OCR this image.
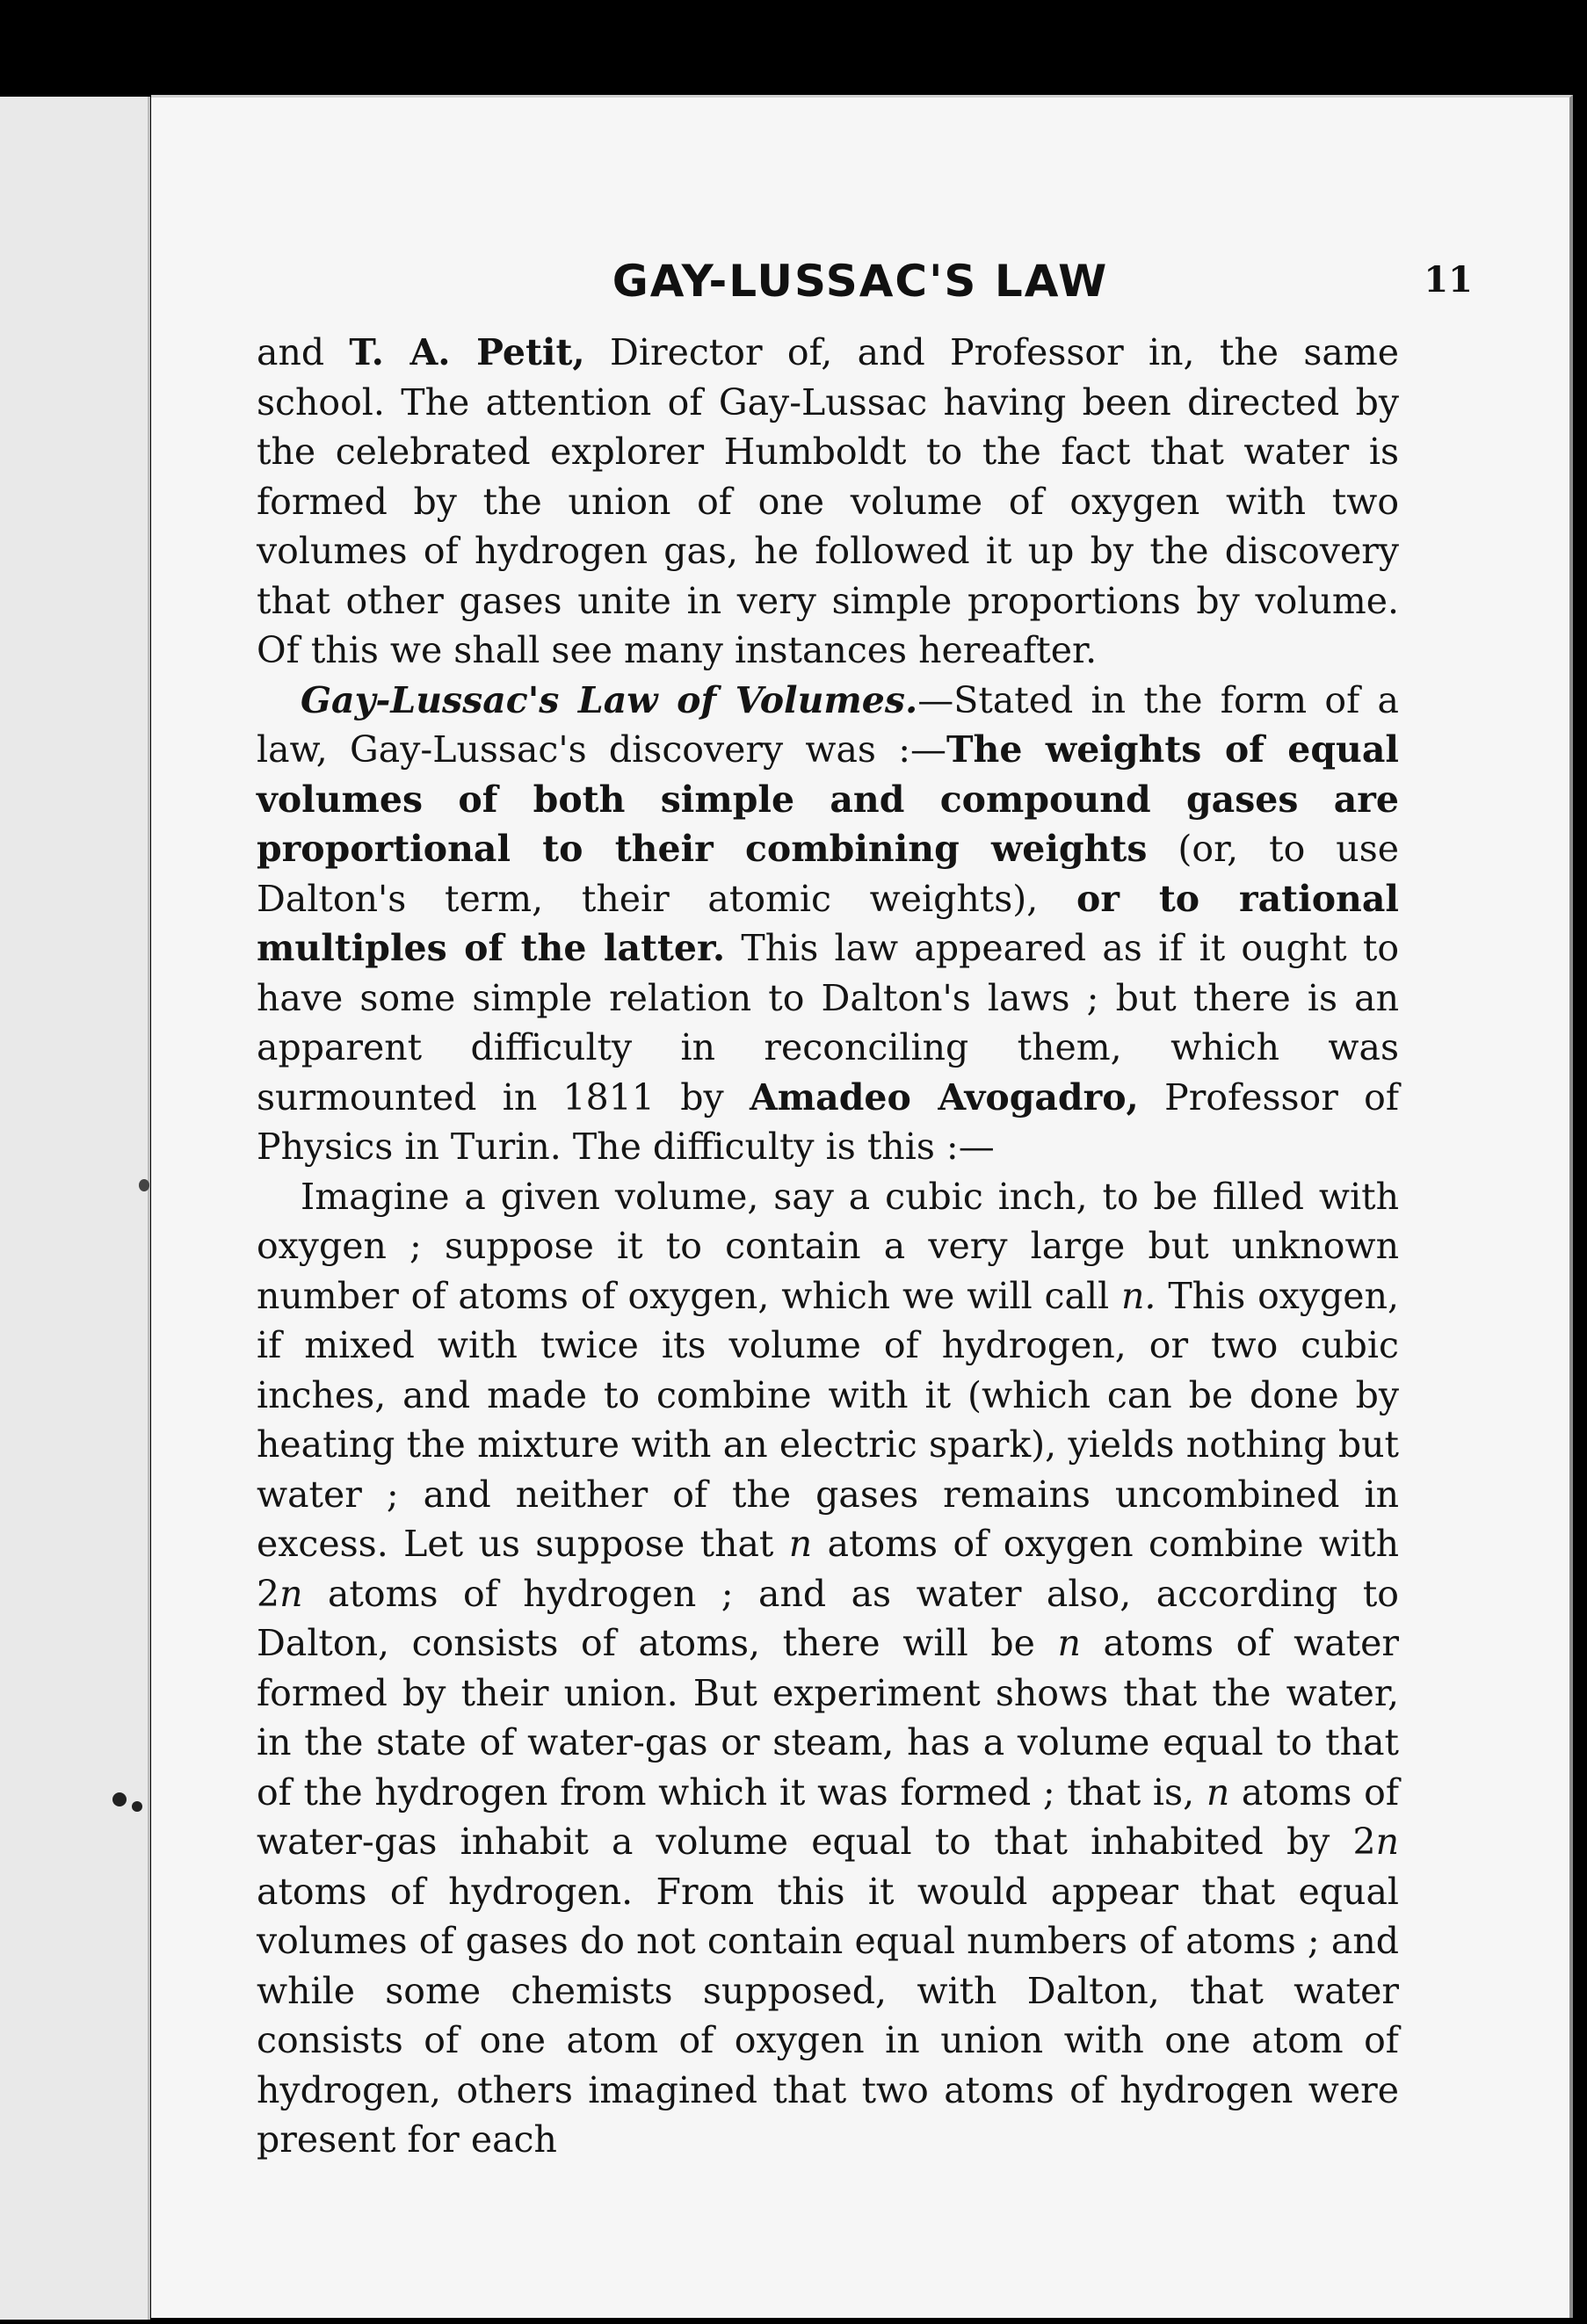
GAY-LUSSAC'S LAW	11

and T. A. Petit, Director of, and Professor in, the same school. The attention of Gay-Lussac having been directed by the celebrated explorer Humboldt to the fact that water is formed by the union of one volume of oxygen with two volumes of hydrogen gas, he followed it up by the discovery that other gases unite in very simple proportions by volume. Of this we shall see many instances hereafter.

Gay-Lussac's Law of Volumes.—Stated in the form of a law, Gay-Lussac's discovery was :—The weights of equal volumes of both simple and compound gases are proportional to their combining weights (or, to use Dalton's term, their atomic weights), or to rational multiples of the latter. This law appeared as if it ought to have some simple relation to Dalton's laws ; but there is an apparent difficulty in reconciling them, which was surmounted in 1811 by Amadeo Avogadro, Professor of Physics in Turin. The difficulty is this :—

Imagine a given volume, say a cubic inch, to be filled with oxygen ; suppose it to contain a very large but unknown number of atoms of oxygen, which we will call n. This oxygen, if mixed with twice its volume of hydrogen, or two cubic inches, and made to combine with it (which can be done by heating the mixture with an electric spark), yields nothing but water ; and neither of the gases remains uncombined in excess. Let us suppose that n atoms of oxygen combine with 2n atoms of hydrogen ; and as water also, according to Dalton, consists of atoms, there will be n atoms of water formed by their union. But experiment shows that the water, in the state of water-gas or steam, has a volume equal to that of the hydrogen from which it was formed ; that is, n atoms of water-gas inhabit a volume equal to that inhabited by 2n atoms of hydrogen. From this it would appear that equal volumes of gases do not contain equal numbers of atoms ; and while some chemists supposed, with Dalton, that water consists of one atom of oxygen in union with one atom of hydrogen, others imagined that two atoms of hydrogen were present for each
